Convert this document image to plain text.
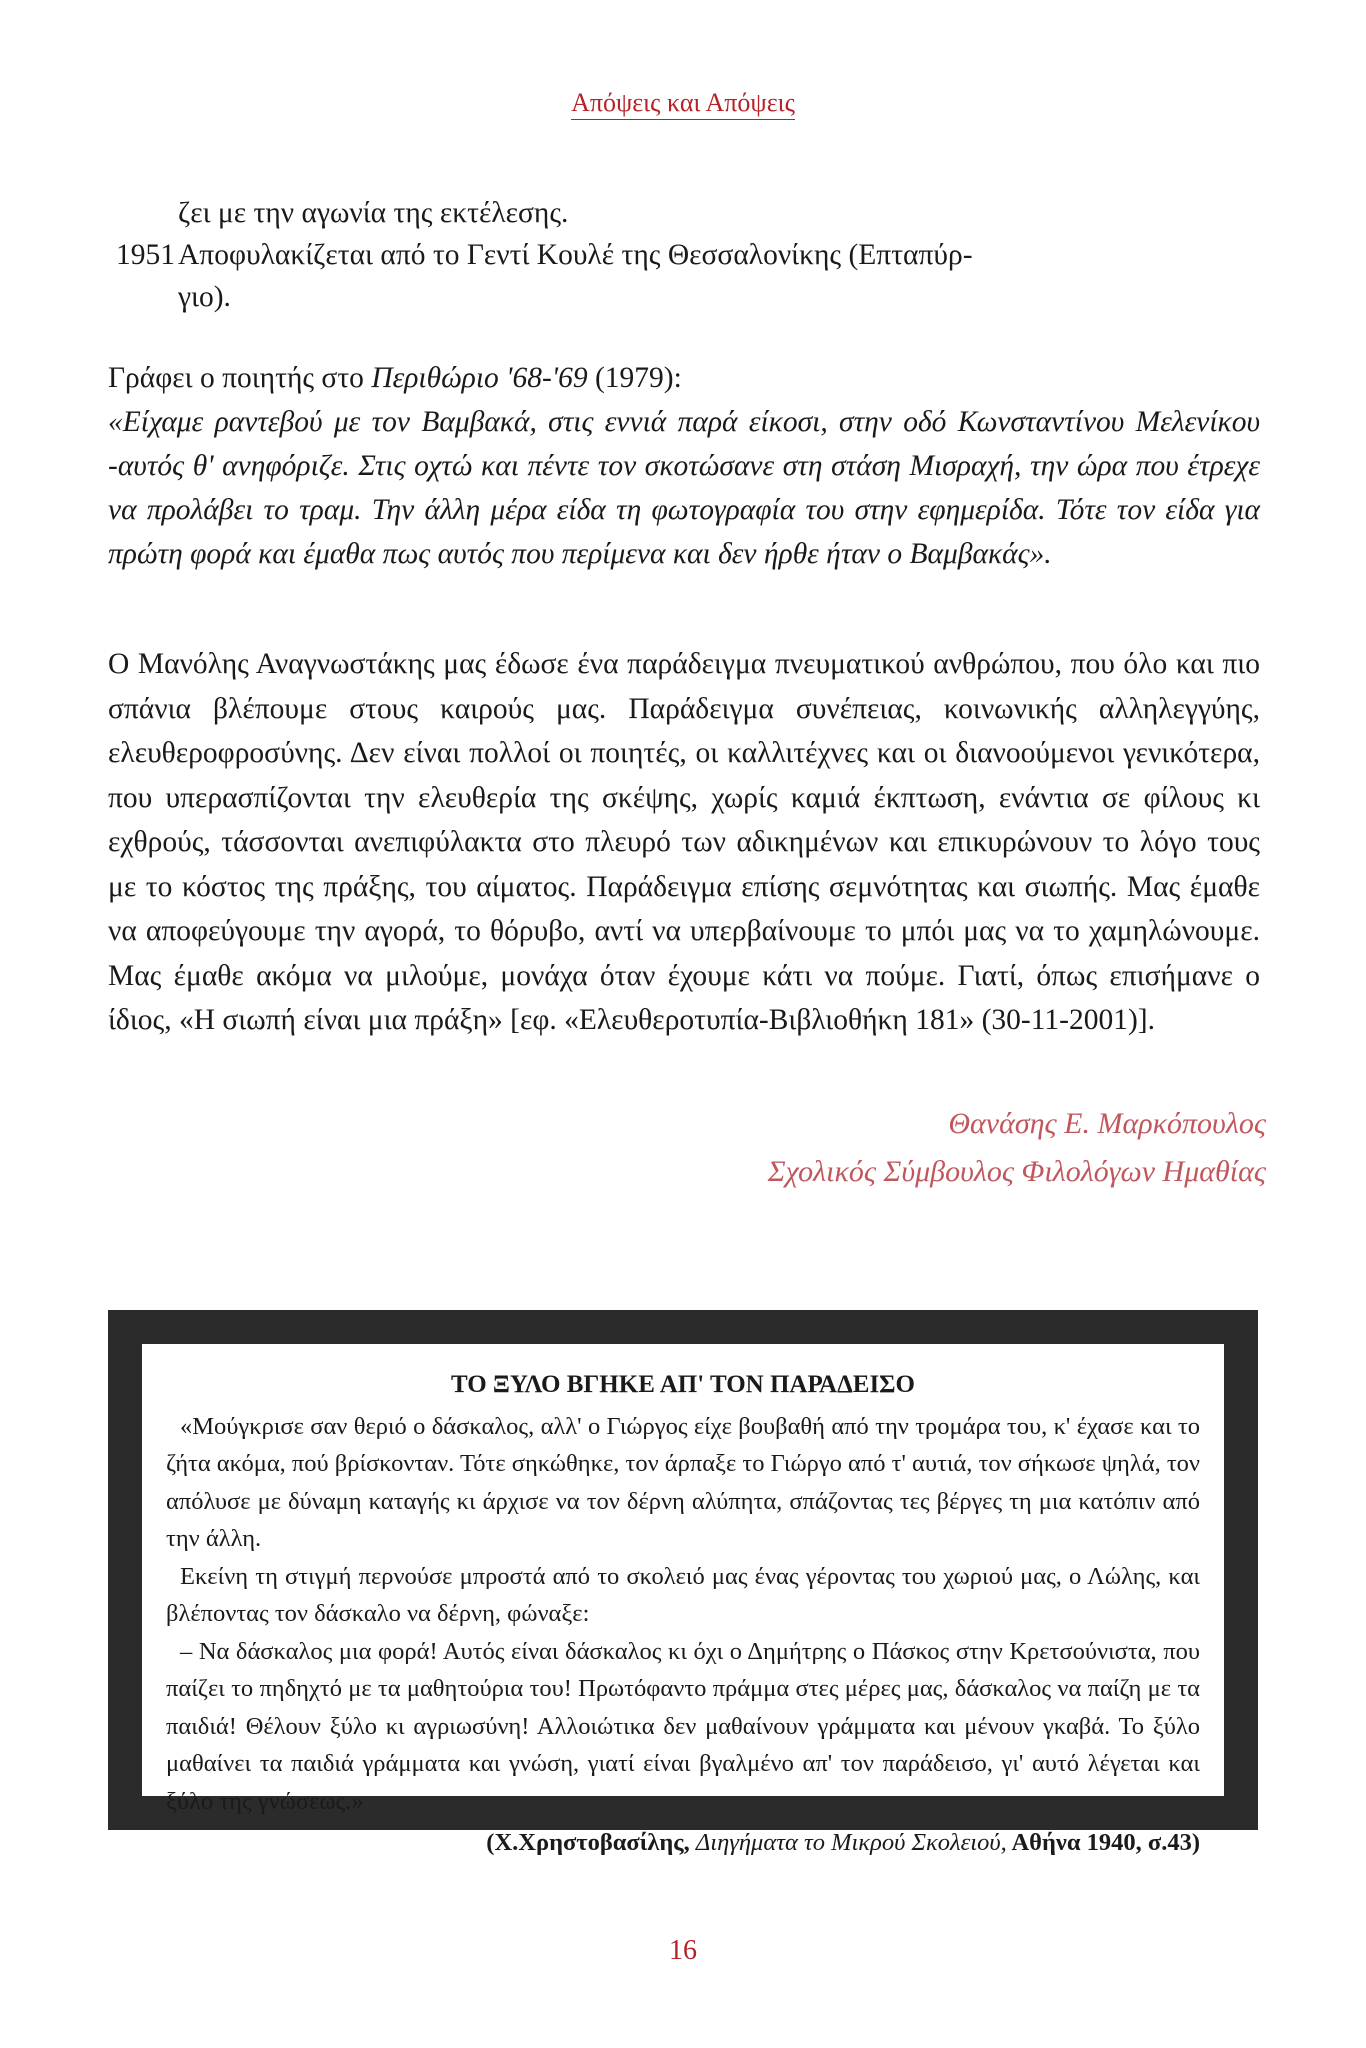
Απόψεις και Απόψεις

ζει με την αγωνία της εκτέλεσης.

1951 Αποφυλακίζεται από το Γεντί Κουλέ της Θεσσαλονίκης (Επταπύρ-

γιο).

Γράφει ο ποιητής στο Περιθώριο '68-'69 (1979):

«Είχαμε ραντεβού με τον Βαμβακά, στις εννιά παρά είκοσι, στην οδό Κωνσταντίνου Μελενίκου -αυτός θ' ανηφόριζε. Στις οχτώ και πέντε τον σκοτώσανε στη στάση Μισραχή, την ώρα που έτρεχε να προλάβει το τραμ. Την άλλη μέρα είδα τη φωτογραφία του στην εφημερίδα. Τότε τον είδα για πρώτη φορά και έμαθα πως αυτός που περίμενα και δεν ήρθε ήταν ο Βαμβακάς».

Ο Μανόλης Αναγνωστάκης μας έδωσε ένα παράδειγμα πνευματικού ανθρώπου, που όλο και πιο σπάνια βλέπουμε στους καιρούς μας. Παράδειγμα συνέπειας, κοινωνικής αλληλεγγύης, ελευθεροφροσύνης. Δεν είναι πολλοί οι ποιητές, οι καλλιτέχνες και οι διανοούμενοι γενικότερα, που υπερασπίζονται την ελευθερία της σκέψης, χωρίς καμιά έκπτωση, ενάντια σε φίλους κι εχθρούς, τάσσονται ανεπιφύλακτα στο πλευρό των αδικημένων και επικυρώνουν το λόγο τους με το κόστος της πράξης, του αίματος. Παράδειγμα επίσης σεμνότητας και σιωπής. Μας έμαθε να αποφεύγουμε την αγορά, το θόρυβο, αντί να υπερβαίνουμε το μπόι μας να το χαμηλώνουμε. Μας έμαθε ακόμα να μιλούμε, μονάχα όταν έχουμε κάτι να πούμε. Γιατί, όπως επισήμανε ο ίδιος, «Η σιωπή είναι μια πράξη» [εφ. «Ελευθεροτυπία-Βιβλιοθήκη 181» (30-11-2001)].

Θανάσης Ε. Μαρκόπουλος
Σχολικός Σύμβουλος Φιλολόγων Ημαθίας
ΤΟ ΞΥΛΟ ΒΓΗΚΕ ΑΠ' ΤΟΝ ΠΑΡΑΔΕΙΣΟ

«Μούγκρισε σαν θεριό ο δάσκαλος, αλλ' ο Γιώργος είχε βουβαθή από την τρομάρα του, κ' έχασε και το ζήτα ακόμα, πού βρίσκονταν. Τότε σηκώθηκε, τον άρπαξε το Γιώργο από τ' αυτιά, τον σήκωσε ψηλά, τον απόλυσε με δύναμη καταγής κι άρχισε να τον δέρνη αλύπητα, σπάζοντας τες βέργες τη μια κατόπιν από την άλλη.

Εκείνη τη στιγμή περνούσε μπροστά από το σκολειό μας ένας γέροντας του χωριού μας, ο Λώλης, και βλέποντας τον δάσκαλο να δέρνη, φώναξε:

– Να δάσκαλος μια φορά! Αυτός είναι δάσκαλος κι όχι ο Δημήτρης ο Πάσκος στην Κρετσούνιστα, που παίζει το πηδηχτό με τα μαθητούρια του! Πρωτόφαντο πράμμα στες μέρες μας, δάσκαλος να παίζη με τα παιδιά! Θέλουν ξύλο κι αγριωσύνη! Αλλοιώτικα δεν μαθαίνουν γράμματα και μένουν γκαβά. Το ξύλο μαθαίνει τα παιδιά γράμματα και γνώση, γιατί είναι βγαλμένο απ' τον παράδεισο, γι' αυτό λέγεται και ξύλο της γνώσεως.»

(Χ.Χρηστοβασίλης, Διηγήματα το Μικρού Σκολειού, Αθήνα 1940, σ.43)
16
